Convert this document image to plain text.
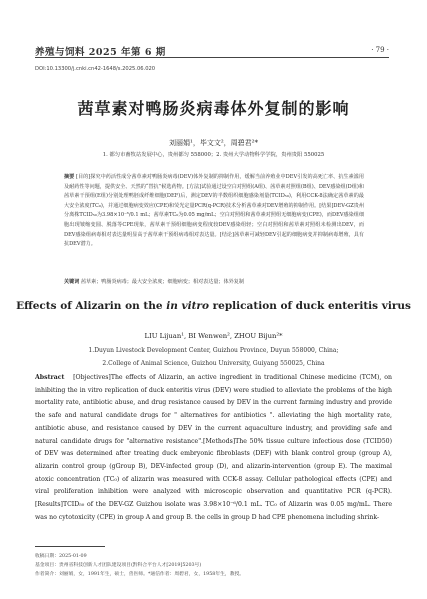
养殖与饲料 2025 年第 6 期	· 79 ·
DOI:10.13300/j.cnki.cn42-1648/s.2025.06.020
茜草素对鸭肠炎病毒体外复制的影响
刘丽娟¹，毕文文²，周碧君²*
1. 都匀市畜牧站发展中心，贵州都匀 558000；2. 贵州大学动物科学学院，贵州贵阳 550025
摘要 [目的]探究中药活性成分茜草素对鸭肠炎病毒(DEV)体外复制的抑制作用，缓解当前养殖业中DEV引发的高死亡率、抗生素滥用及耐药性等问题，提供安全、天然的“替抗”候选药物。[方法]试验通过设空白对照组(A组)、茜草素对照组(B组)、DEV感染组(D组)和茜草素干预组(E组)分别处理鸭胚成纤维细胞(DEF)后，测定DEV的半数组织细胞感染剂量(TCID₅₀)，利用CCK-8法确定茜草素的最大安全浓度(TC₀)，并通过细胞病变效应(CPE)和荧光定量PCR(q-PCR)技术分析茜草素对DEV增殖的抑制作用。[结果]DEV-GZ贵州分离株TCID₅₀为3.98×10⁻⁶/0.1 mL；茜草素TC₀为0.05 mg/mL；空白对照组和茜草素对照组无细胞病变(CPE)，而DEV感染组细胞出现皱缩变圆、脱落等CPE现象，茜草素干预组细胞病变程度较DEV感染组轻；空白对照组和茜草素对照组未检测出DEV，而DEV感染组病毒相对表达量明显高于茜草素干预组病毒相对表达量。[结论]茜草素可减轻DEV引起的细胞病变并抑制病毒增殖，具有抗DEV潜力。
关键词 茜草素；鸭肠炎病毒；最大安全浓度；细胞病变；相对表达量；体外复制
Effects of Alizarin on the in vitro replication of duck enteritis virus
LIU Lijuan¹, BI Wenwen², ZHOU Bijun²*
1.Duyun Livestock Development Center, Guizhou Province, Duyun 558000, China;
2.College of Animal Science, Guizhou University, Guiyang 550025, China
Abstract [Objectives]The effects of Alizarin, an active ingredient in traditional Chinese medicine (TCM), on inhibiting the in vitro replication of duck enteritis virus (DEV) were studied to alleviate the problems of the high mortality rate, antibiotic abuse, and drug resistance caused by DEV in the current farming industry and provide the safe and natural candidate drugs for " alternatives for antibiotics ". alleviating the high mortality rate, antibiotic abuse, and resistance caused by DEV in the current aquaculture industry, and providing safe and natural candidate drugs for "alternative resistance".[Methods]The 50% tissue culture infectious dose (TCID50) of DEV was determined after treating duck embryonic fibroblasts (DEF) with blank control group (group A), alizarin control group (gGroup B), DEV-infected group (D), and alizarin-intervention (group E). The maximal atoxic concentration (TC₀) of alizarin was measured with CCK-8 assay. Cellular pathological effects (CPE) and viral proliferation inhibition were analyzed with microscopic observation and quantitative PCR (q-PCR).[Results]TCID₅₀ of the DEV-GZ Guizhou isolate was 3.98×10⁻⁶/0.1 mL. TC₀ of Alizarin was 0.05 mg/mL. There was no cytotoxicity (CPE) in group A and group B. the cells in group D had CPE phenomena including shrink-
收稿日期：2025-01-09
基金项目：贵州省科技创新人才团队建设项目(黔科合平台人才[2019]5203号)
作者简介：刘丽娟，女，1991年生，硕士，兽医师。*通信作者：周碧君，女，1958年生，教授。
